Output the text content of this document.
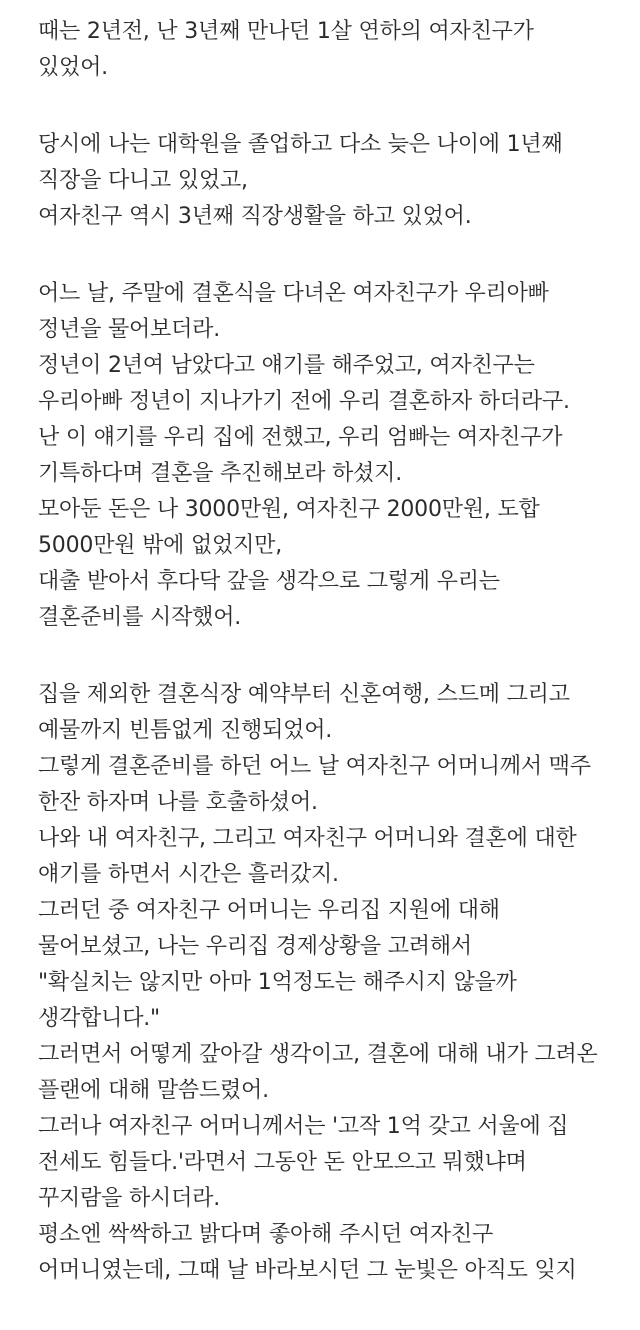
때는 2년전, 난 3년째 만나던 1살 연하의 여자친구가
있었어.
당시에 나는 대학원을 졸업하고 다소 늦은 나이에 1년째
직장을 다니고 있었고,
여자친구 역시 3년째 직장생활을 하고 있었어.
어느 날, 주말에 결혼식을 다녀온 여자친구가 우리아빠
정년을 물어보더라.
정년이 2년여 남았다고 얘기를 해주었고, 여자친구는
우리아빠 정년이 지나가기 전에 우리 결혼하자 하더라구.
난 이 얘기를 우리 집에 전했고, 우리 엄빠는 여자친구가
기특하다며 결혼을 추진해보라 하셨지.
모아둔 돈은 나 3000만원, 여자친구 2000만원, 도합
5000만원 밖에 없었지만,
대출 받아서 후다닥 갚을 생각으로 그렇게 우리는
결혼준비를 시작했어.
집을 제외한 결혼식장 예약부터 신혼여행, 스드메 그리고
예물까지 빈틈없게 진행되었어.
그렇게 결혼준비를 하던 어느 날 여자친구 어머니께서 맥주
한잔 하자며 나를 호출하셨어.
나와 내 여자친구, 그리고 여자친구 어머니와 결혼에 대한
얘기를 하면서 시간은 흘러갔지.
그러던 중 여자친구 어머니는 우리집 지원에 대해
물어보셨고, 나는 우리집 경제상황을 고려해서
"확실치는 않지만 아마 1억정도는 해주시지 않을까
생각합니다."
그러면서 어떻게 갚아갈 생각이고, 결혼에 대해 내가 그려온
플랜에 대해 말씀드렸어.
그러나 여자친구 어머니께서는 '고작 1억 갖고 서울에 집
전세도 힘들다.'라면서 그동안 돈 안모으고 뭐했냐며
꾸지람을 하시더라.
평소엔 싹싹하고 밝다며 좋아해 주시던 여자친구
어머니였는데, 그때 날 바라보시던 그 눈빛은 아직도 잊지
